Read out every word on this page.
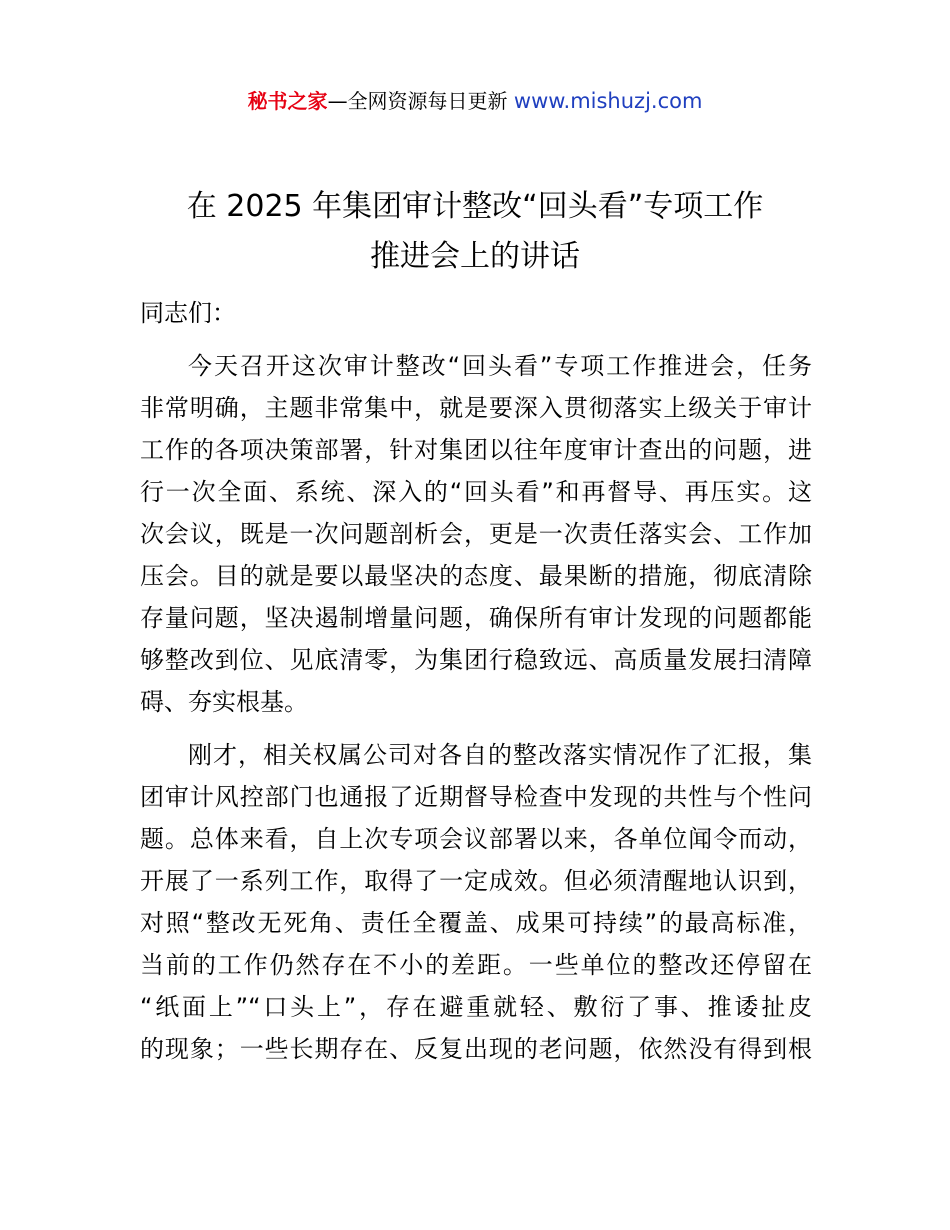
秘书之家—全网资源每日更新 www.mishuzj.com
在 2025 年集团审计整改“回头看”专项工作
推进会上的讲话
同志们：
今天召开这次审计整改“回头看”专项工作推进会，任务
非常明确，主题非常集中，就是要深入贯彻落实上级关于审计
工作的各项决策部署，针对集团以往年度审计查出的问题，进
行一次全面、系统、深入的“回头看”和再督导、再压实。这
次会议，既是一次问题剖析会，更是一次责任落实会、工作加
压会。目的就是要以最坚决的态度、最果断的措施，彻底清除
存量问题，坚决遏制增量问题，确保所有审计发现的问题都能
够整改到位、见底清零，为集团行稳致远、高质量发展扫清障
碍、夯实根基。
刚才，相关权属公司对各自的整改落实情况作了汇报，集
团审计风控部门也通报了近期督导检查中发现的共性与个性问
题。总体来看，自上次专项会议部署以来，各单位闻令而动，
开展了一系列工作，取得了一定成效。但必须清醒地认识到，
对照“整改无死角、责任全覆盖、成果可持续”的最高标准，
当前的工作仍然存在不小的差距。一些单位的整改还停留在
“纸面上”“口头上”，存在避重就轻、敷衍了事、推诿扯皮
的现象；一些长期存在、反复出现的老问题，依然没有得到根
